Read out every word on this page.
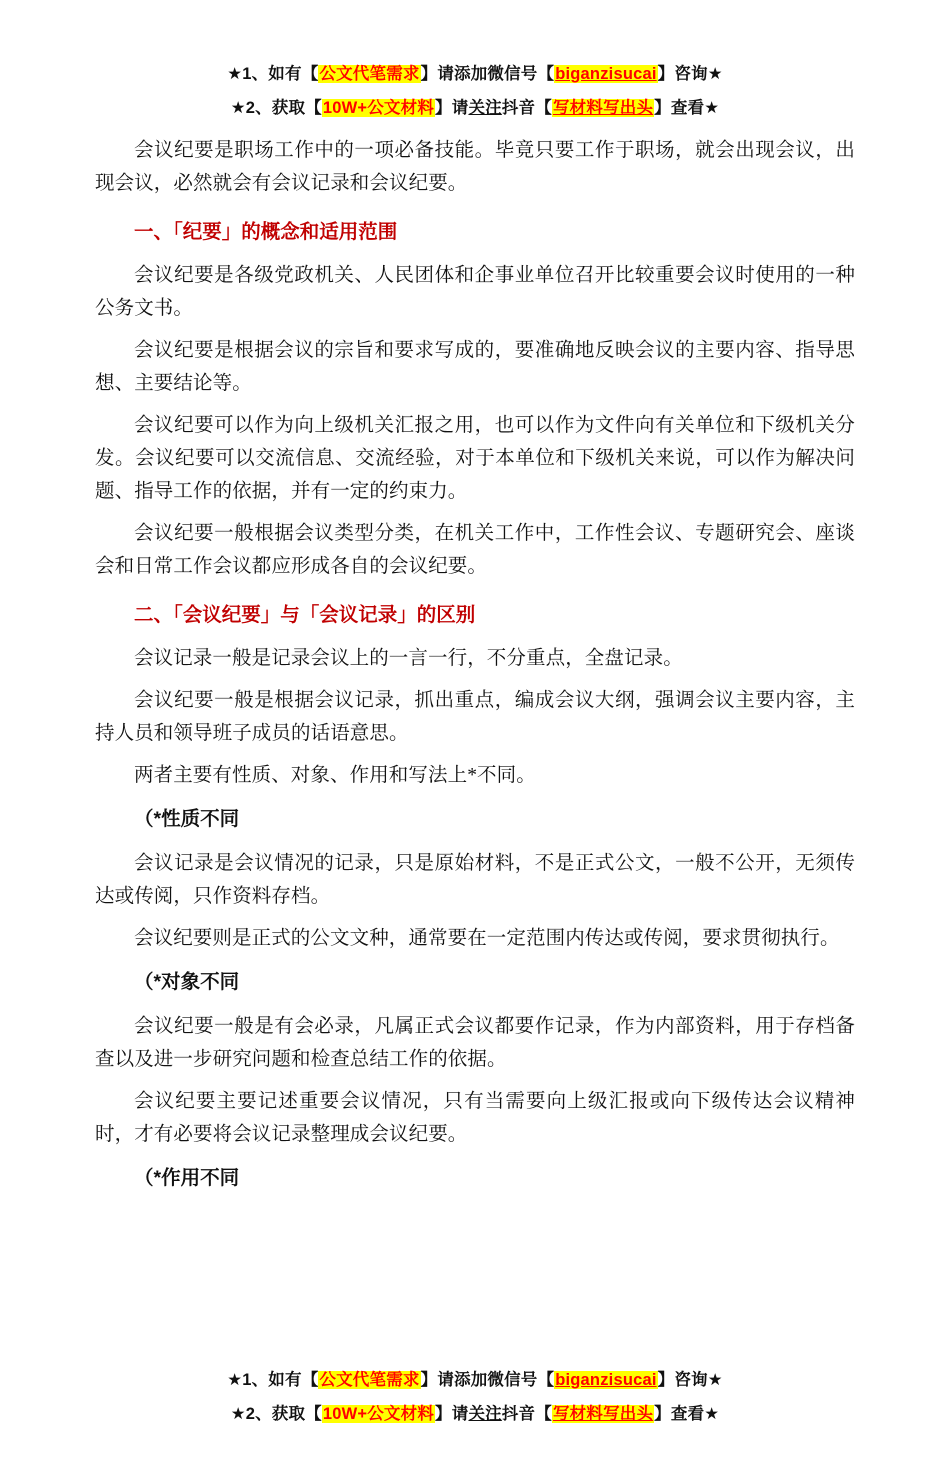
★1、如有【公文代笔需求】请添加微信号【biganzisucai】咨询★
★2、获取【10W+公文材料】请关注抖音【写材料写出头】查看★

会议纪要是职场工作中的一项必备技能。毕竟只要工作于职场，就会出现会议，出现会议，必然就会有会议记录和会议纪要。

一、「纪要」的概念和适用范围

会议纪要是各级党政机关、人民团体和企事业单位召开比较重要会议时使用的一种公务文书。

会议纪要是根据会议的宗旨和要求写成的，要准确地反映会议的主要内容、指导思想、主要结论等。

会议纪要可以作为向上级机关汇报之用，也可以作为文件向有关单位和下级机关分发。会议纪要可以交流信息、交流经验，对于本单位和下级机关来说，可以作为解决问题、指导工作的依据，并有一定的约束力。

会议纪要一般根据会议类型分类，在机关工作中，工作性会议、专题研究会、座谈会和日常工作会议都应形成各自的会议纪要。

二、「会议纪要」与「会议记录」的区别

会议记录一般是记录会议上的一言一行，不分重点，全盘记录。

会议纪要一般是根据会议记录，抓出重点，编成会议大纲，强调会议主要内容，主持人员和领导班子成员的话语意思。

两者主要有性质、对象、作用和写法上*不同。

（*性质不同

会议记录是会议情况的记录，只是原始材料，不是正式公文，一般不公开，无须传达或传阅，只作资料存档。

会议纪要则是正式的公文文种，通常要在一定范围内传达或传阅，要求贯彻执行。

（*对象不同

会议纪要一般是有会必录，凡属正式会议都要作记录，作为内部资料，用于存档备查以及进一步研究问题和检查总结工作的依据。

会议纪要主要记述重要会议情况，只有当需要向上级汇报或向下级传达会议精神时，才有必要将会议记录整理成会议纪要。

（*作用不同
★1、如有【公文代笔需求】请添加微信号【biganzisucai】咨询★
★2、获取【10W+公文材料】请关注抖音【写材料写出头】查看★
